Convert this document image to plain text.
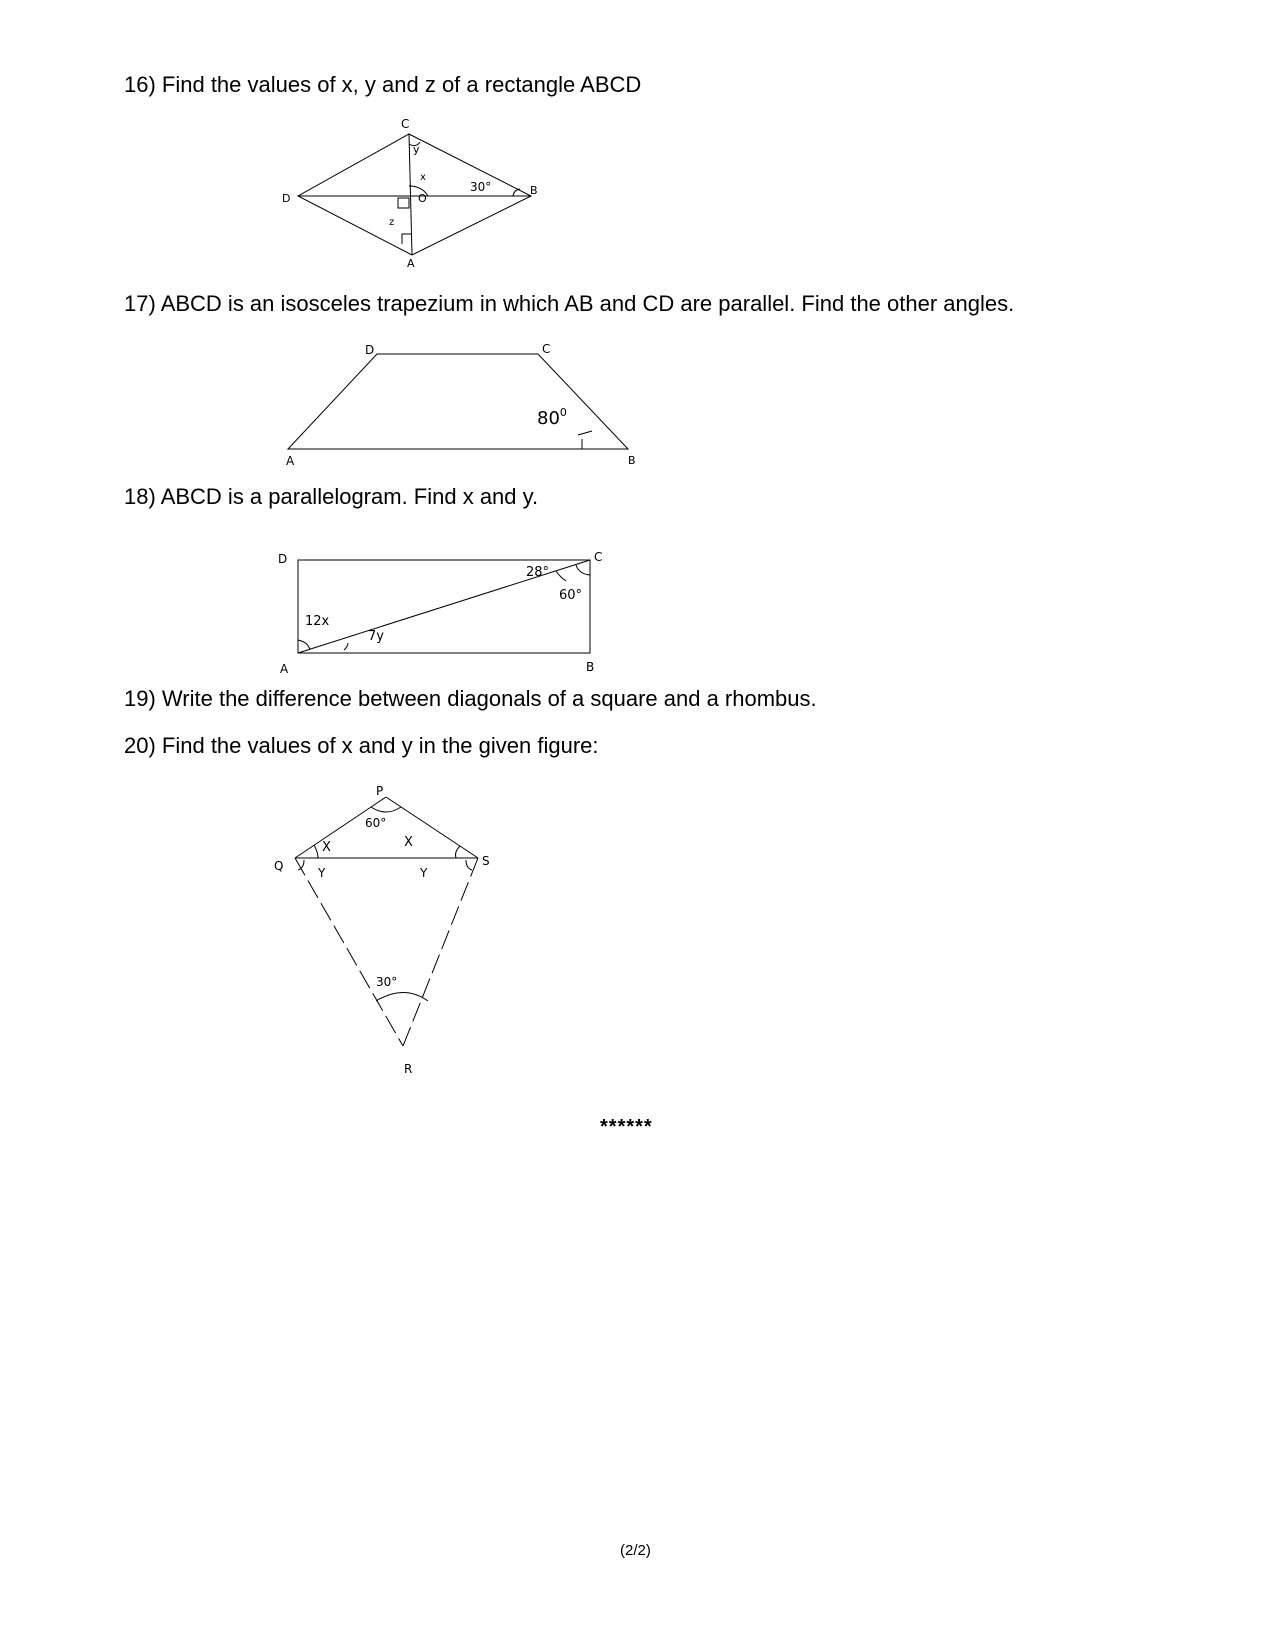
16) Find the values of x, y and z of a rectangle ABCD
C
B
A
D	O
y
x
30°
z
17) ABCD is an isosceles trapezium in which AB and CD are parallel. Find the other angles.
D	C
A	B
$80^0$
18) ABCD is a parallelogram. Find x and y.
D	C
A	B
28°
60°
12x
7y
19) Write the difference between diagonals of a square and a rhombus.
20) Find the values of x and y in the given figure:
P
Q	S
R
60°
X	X
Y	Y
30°
******
(2/2)
